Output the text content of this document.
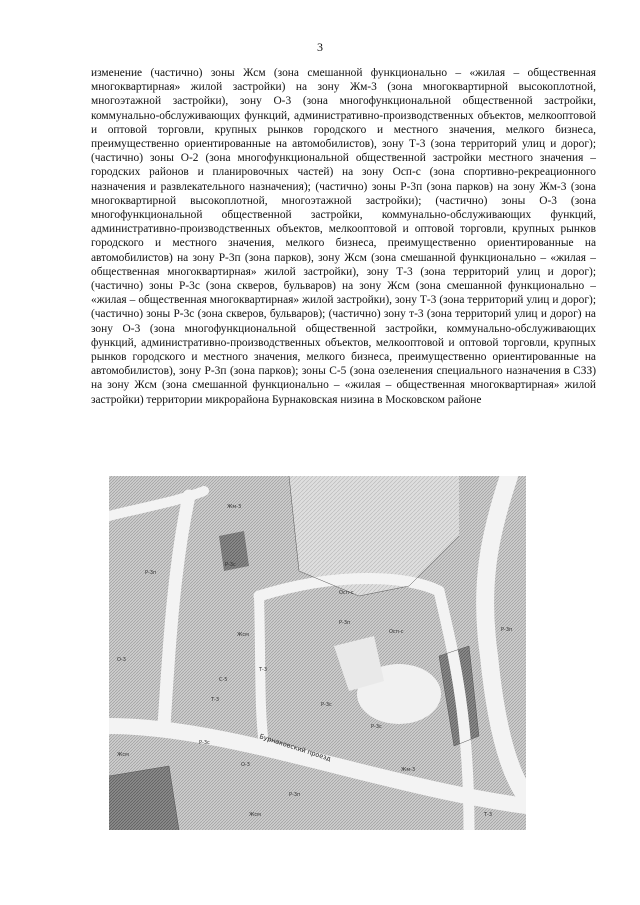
3

изменение (частично) зоны Жсм (зона смешанной функционально – «жилая – общественная многоквартирная» жилой застройки) на зону Жм-3 (зона многоквартирной высокоплотной, многоэтажной застройки), зону О-3 (зона многофункциональной общественной застройки, коммунально-обслуживающих функций, административно-производственных объектов, мелкооптовой и оптовой торговли, крупных рынков городского и местного значения, мелкого бизнеса, преимущественно ориентированные на автомобилистов), зону Т-3 (зона территорий улиц и дорог); (частично) зоны О-2 (зона многофункциональной общественной застройки местного значения –городских районов и планировочных частей) на зону Осп-с (зона спортивно-рекреационного назначения и развлекательного назначения); (частично) зоны Р-3п (зона парков) на зону Жм-3 (зона многоквартирной высокоплотной, многоэтажной застройки); (частично) зоны О-3 (зона многофункциональной общественной застройки, коммунально-обслуживающих функций, административно-производственных объектов, мелкооптовой и оптовой торговли, крупных рынков городского и местного значения, мелкого бизнеса, преимущественно ориентированные на автомобилистов) на зону Р-3п (зона парков), зону Жсм (зона смешанной функционально – «жилая – общественная многоквартирная» жилой застройки), зону Т-3 (зона территорий улиц и дорог); (частично) зоны Р-3с (зона скверов, бульваров) на зону Жсм (зона смешанной функционально – «жилая – общественная многоквартирная» жилой застройки), зону Т-3 (зона территорий улиц и дорог); (частично) зоны Р-3с (зона скверов, бульваров); (частично) зону т-3 (зона территорий улиц и дорог) на зону О-3 (зона многофункциональной общественной застройки, коммунально-обслуживающих функций, административно-производственных объектов, мелкооптовой и оптовой торговли, крупных рынков городского и местного значения, мелкого бизнеса, преимущественно ориентированные на автомобилистов), зону Р-3п (зона парков); зоны С-5 (зона озеленения специального назначения в СЗЗ) на зону Жсм (зона смешанной функционально – «жилая – общественная многоквартирная» жилой застройки) территории микрорайона Бурнаковская низина в Московском районе

Жм-3
Р-3п
Р-3с
Жсм
О-3
Осп-с
Осп-с
Р-3п
Т-3
Т-3
Р-3с
С-5
Жсм
Р-3с
О-3
Жм-3
Р-3п
Р-3с
Т-3
Жсм
Р-3п
Бурнаковский проезд
